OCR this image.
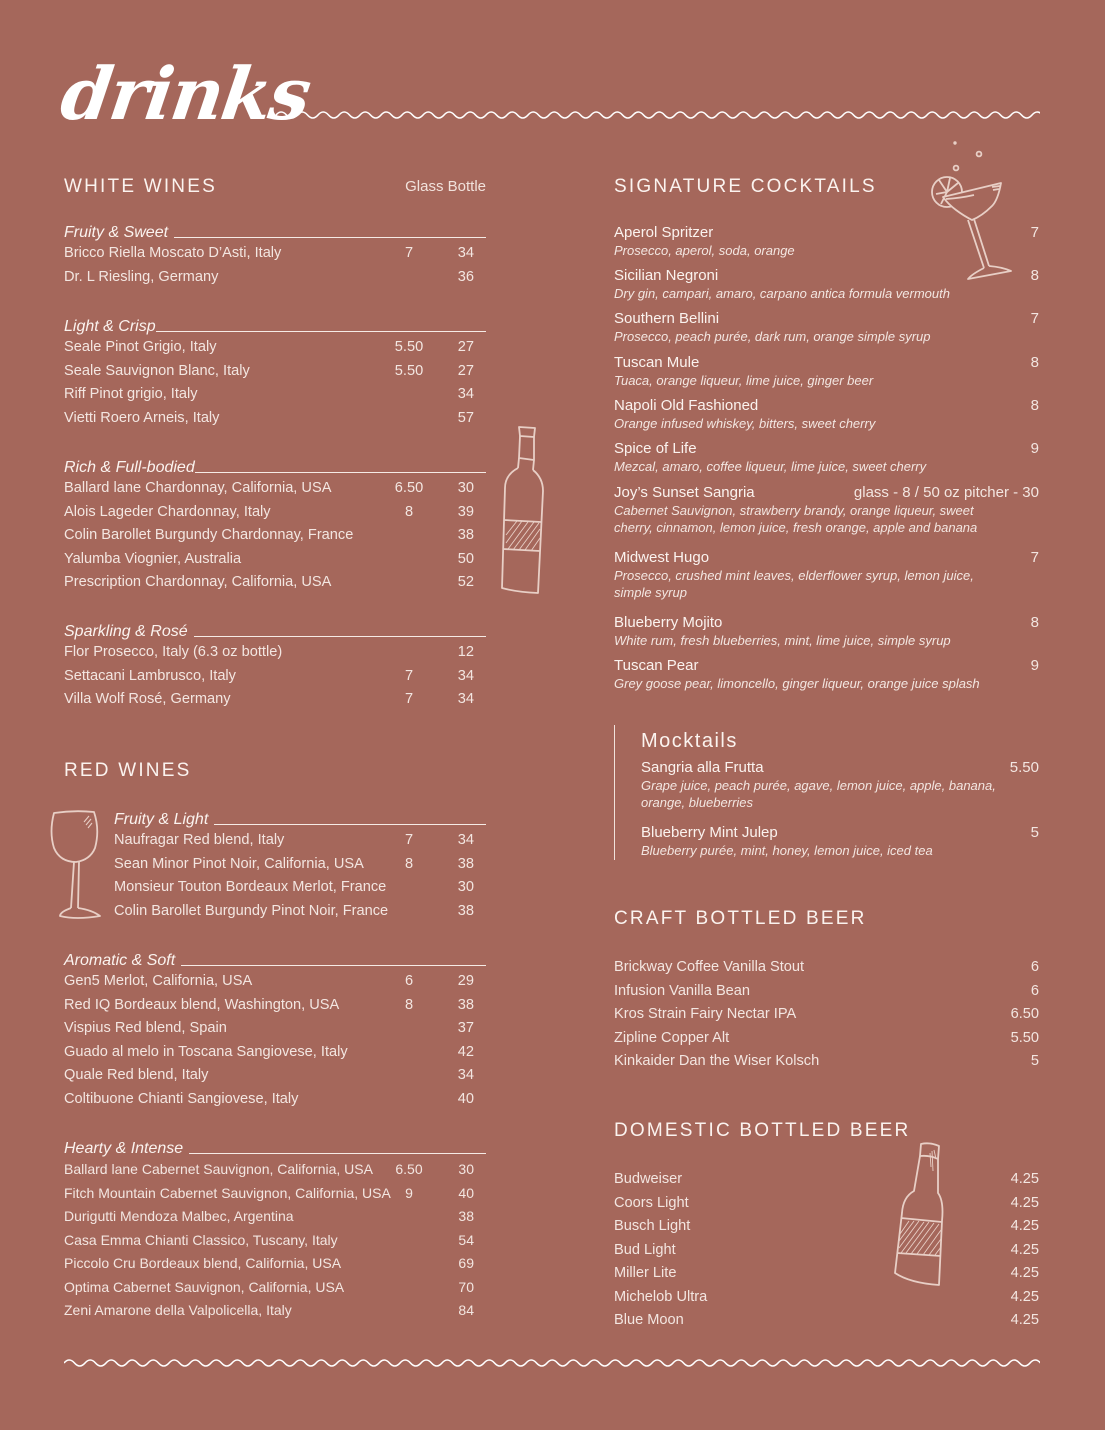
drinks
WHITE WINES	Glass Bottle
Fruity & Sweet
Bricco Riella Moscato D’Asti, Italy	7	34
Dr. L Riesling, Germany	36
Light & Crisp
Seale Pinot Grigio, Italy	5.50	27
Seale Sauvignon Blanc, Italy	5.50	27
Riff Pinot grigio, Italy	34
Vietti Roero Arneis, Italy	57
Rich & Full-bodied
Ballard lane Chardonnay, California, USA	6.50	30
Alois Lageder Chardonnay, Italy	8	39
Colin Barollet Burgundy Chardonnay, France	38
Yalumba Viognier, Australia	50
Prescription Chardonnay, California, USA	52
Sparkling & Rosé
Flor Prosecco, Italy (6.3 oz bottle)	12
Settacani Lambrusco, Italy	7	34
Villa Wolf Rosé, Germany	7	34
RED WINES
Fruity & Light
Naufragar Red blend, Italy	7	34
Sean Minor Pinot Noir, California, USA	8	38
Monsieur Touton Bordeaux Merlot, France	30
Colin Barollet Burgundy Pinot Noir, France	38
Aromatic & Soft
Gen5 Merlot, California, USA	6	29
Red IQ Bordeaux blend, Washington, USA	8	38
Vispius Red blend, Spain	37
Guado al melo in Toscana Sangiovese, Italy	42
Quale Red blend, Italy	34
Coltibuone Chianti Sangiovese, Italy	40
Hearty & Intense
Ballard lane Cabernet Sauvignon, California, USA	6.50	30
Fitch Mountain Cabernet Sauvignon, California, USA	9	40
Durigutti Mendoza Malbec, Argentina	38
Casa Emma Chianti Classico, Tuscany, Italy	54
Piccolo Cru Bordeaux blend, California, USA	69
Optima Cabernet Sauvignon, California, USA	70
Zeni Amarone della Valpolicella, Italy	84
SIGNATURE COCKTAILS
Aperol Spritzer	7
Prosecco, aperol, soda, orange
Sicilian Negroni	8
Dry gin, campari, amaro, carpano antica formula vermouth
Southern Bellini	7
Prosecco, peach purée, dark rum, orange simple syrup
Tuscan Mule	8
Tuaca, orange liqueur, lime juice, ginger beer
Napoli Old Fashioned	8
Orange infused whiskey, bitters, sweet cherry
Spice of Life	9
Mezcal, amaro, coffee liqueur, lime juice, sweet cherry
Joy’s Sunset Sangria	glass - 8 / 50 oz pitcher - 30
Cabernet Sauvignon, strawberry brandy, orange liqueur, sweet cherry, cinnamon, lemon juice, fresh orange, apple and banana
Midwest Hugo	7
Prosecco, crushed mint leaves, elderflower syrup, lemon juice, simple syrup
Blueberry Mojito	8
White rum, fresh blueberries, mint, lime juice, simple syrup
Tuscan Pear	9
Grey goose pear, limoncello, ginger liqueur, orange juice splash
Mocktails
Sangria alla Frutta	5.50
Grape juice, peach purée, agave, lemon juice, apple, banana, orange, blueberries
Blueberry Mint Julep	5
Blueberry purée, mint, honey, lemon juice, iced tea
CRAFT BOTTLED BEER
Brickway Coffee Vanilla Stout	6
Infusion Vanilla Bean	6
Kros Strain Fairy Nectar IPA	6.50
Zipline Copper Alt	5.50
Kinkaider Dan the Wiser Kolsch	5
DOMESTIC BOTTLED BEER
Budweiser	4.25
Coors Light	4.25
Busch Light	4.25
Bud Light	4.25
Miller Lite	4.25
Michelob Ultra	4.25
Blue Moon	4.25
